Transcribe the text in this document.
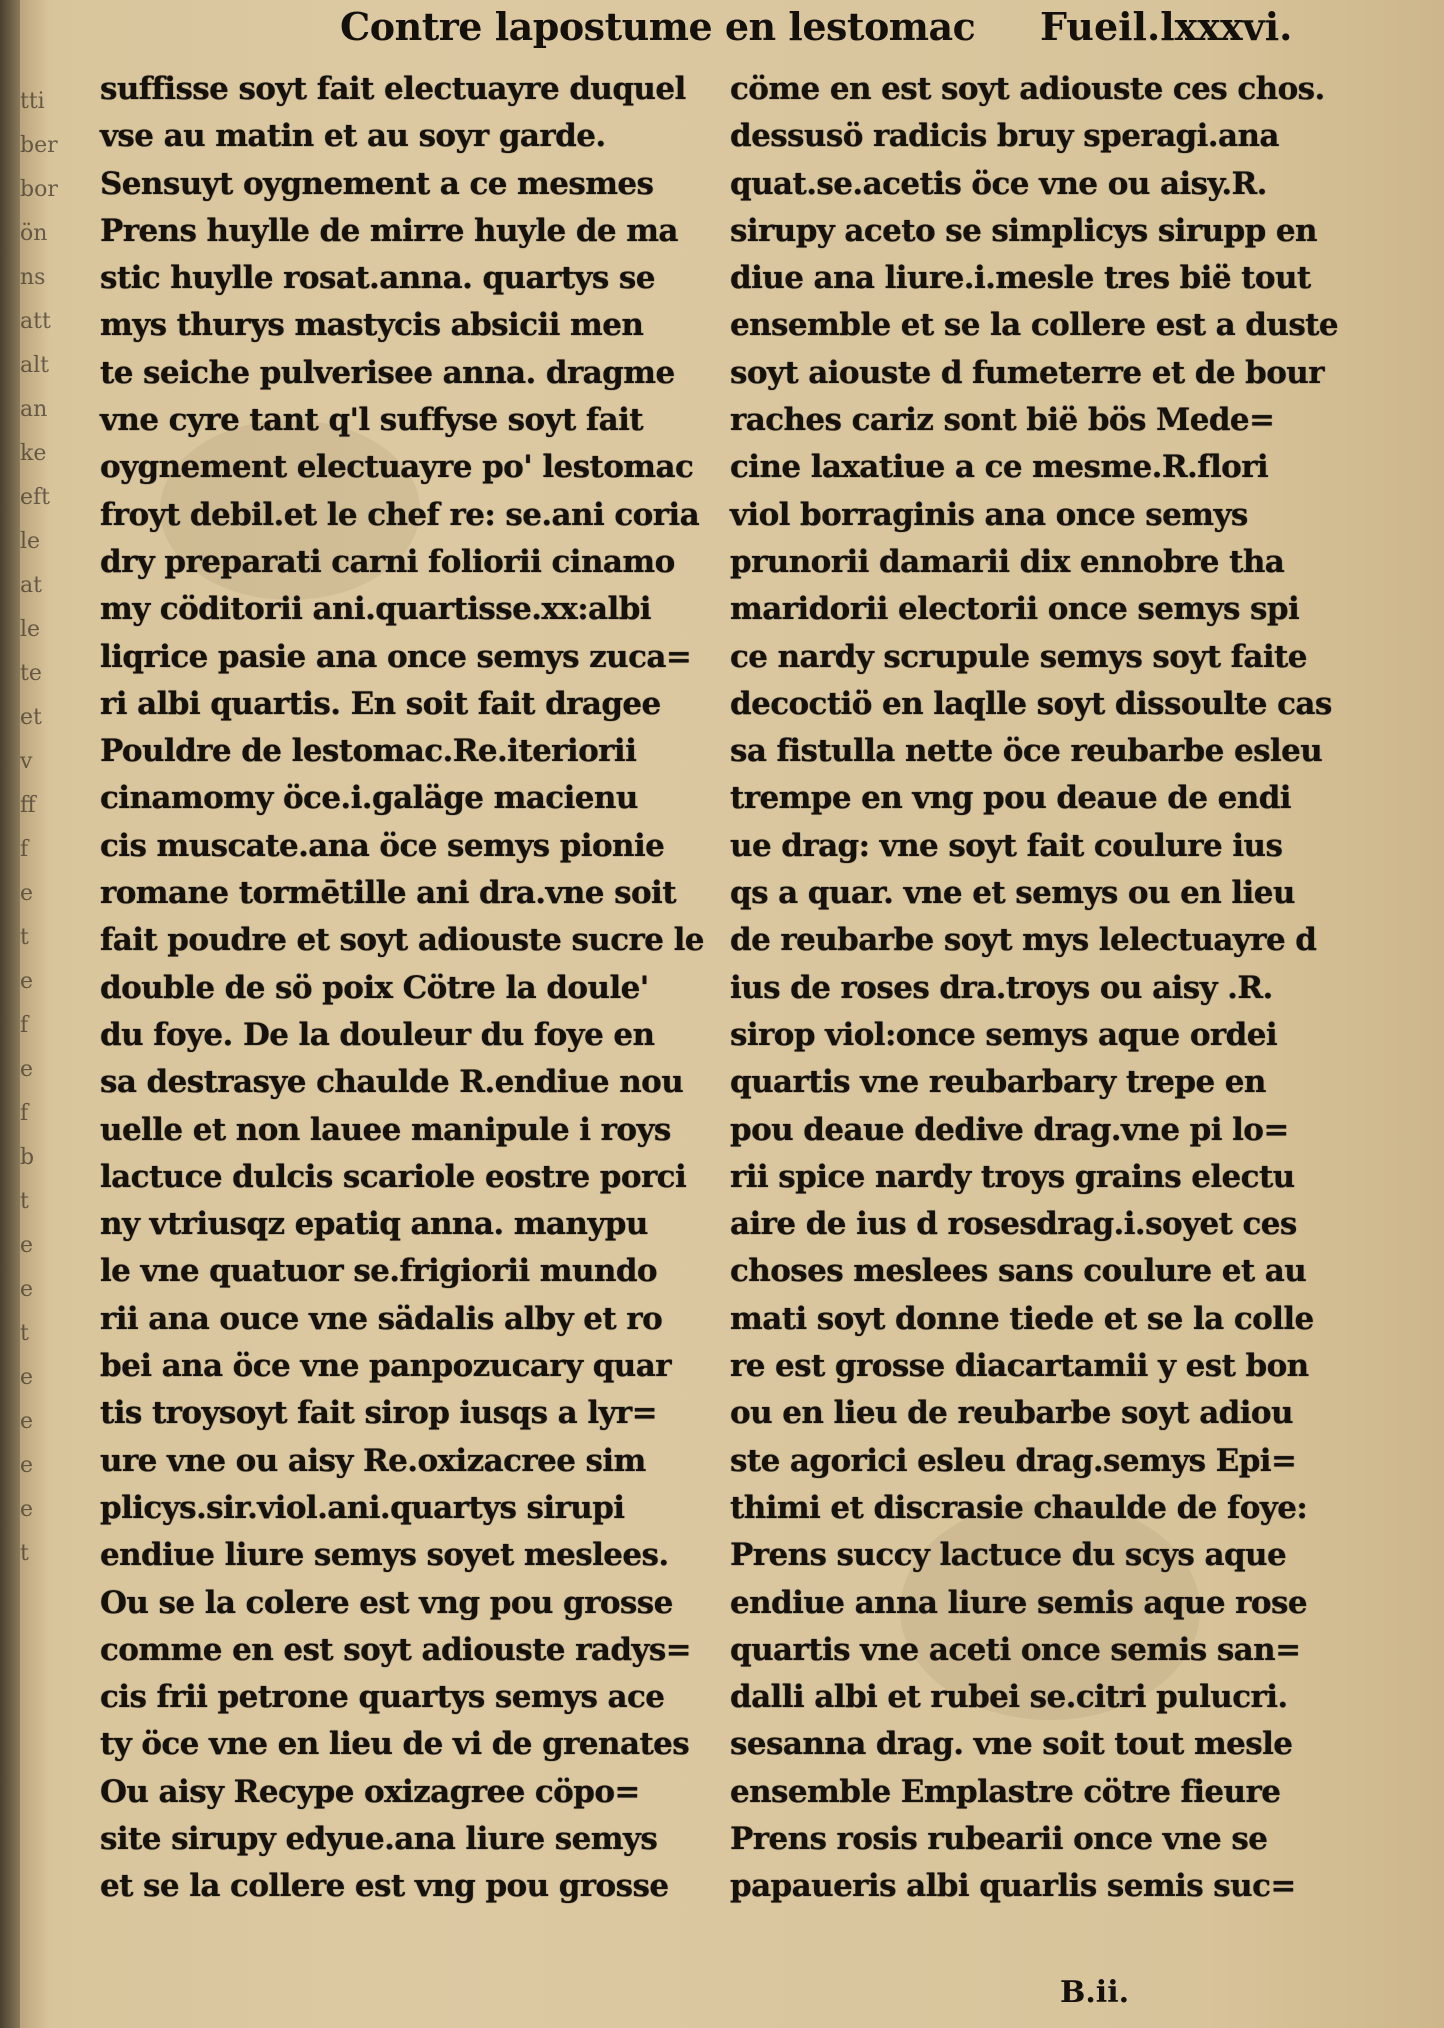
tti
ber
bor
ön
ns
att
alt
an
ke
eft
le
at
le
te
et
v
ff
f
e
t
e
f
e
f
b
t
e
e
t
e
e
e
e
t
Contre lapostume en lestomac Fueil.lxxxvi.
suffisse soyt fait electuayre duquel
vse au matin et au soyr garde.
Sensuyt oygnement a ce mesmes
Prens huylle de mirre huyle de ma
stic huylle rosat.anna. quartys se
mys thurys mastycis absicii men
te seiche pulverisee anna. dragme
vne cyre tant q'l suffyse soyt fait
oygnement electuayre po' lestomac
froyt debil.et le chef re: se.ani coria
dry preparati carni foliorii cinamo
my cöditorii ani.quartisse.xx:albi
liqrice pasie ana once semys zuca=
ri albi quartis. En soit fait dragee
Pouldre de lestomac.Re.iteriorii
cinamomy öce.i.galäge macienu
cis muscate.ana öce semys pionie
romane tormētille ani dra.vne soit
fait poudre et soyt adiouste sucre le
double de sö poix Cötre la doule'
du foye. De la douleur du foye en
sa destrasye chaulde R.endiue nou
uelle et non lauee manipule i roys
lactuce dulcis scariole eostre porci
ny vtriusqz epatiq anna. manypu
le vne quatuor se.frigiorii mundo
rii ana ouce vne sädalis alby et ro
bei ana öce vne panpozucary quar
tis troysoyt fait sirop iusqs a lyr=
ure vne ou aisy Re.oxizacree sim
plicys.sir.viol.ani.quartys sirupi
endiue liure semys soyet meslees.
Ou se la colere est vng pou grosse
comme en est soyt adiouste radys=
cis frii petrone quartys semys ace
ty öce vne en lieu de vi de grenates
Ou aisy Recype oxizagree cöpo=
site sirupy edyue.ana liure semys
et se la collere est vng pou grosse
cöme en est soyt adiouste ces chos.
dessusö radicis bruy speragi.ana
quat.se.acetis öce vne ou aisy.R.
sirupy aceto se simplicys sirupp en
diue ana liure.i.mesle tres bië tout
ensemble et se la collere est a duste
soyt aiouste d fumeterre et de bour
raches cariz sont bië bös Mede=
cine laxatiue a ce mesme.R.flori
viol borraginis ana once semys
prunorii damarii dix ennobre tha
maridorii electorii once semys spi
ce nardy scrupule semys soyt faite
decoctiö en laqlle soyt dissoulte cas
sa fistulla nette öce reubarbe esleu
trempe en vng pou deaue de endi
ue drag: vne soyt fait coulure ius
qs a quar. vne et semys ou en lieu
de reubarbe soyt mys lelectuayre d
ius de roses dra.troys ou aisy .R.
sirop viol:once semys aque ordei
quartis vne reubarbary trepe en
pou deaue dedive drag.vne pi lo=
rii spice nardy troys grains electu
aire de ius d rosesdrag.i.soyet ces
choses meslees sans coulure et au
mati soyt donne tiede et se la colle
re est grosse diacartamii y est bon
ou en lieu de reubarbe soyt adiou
ste agorici esleu drag.semys Epi=
thimi et discrasie chaulde de foye:
Prens succy lactuce du scys aque
endiue anna liure semis aque rose
quartis vne aceti once semis san=
dalli albi et rubei se.citri pulucri.
sesanna drag. vne soit tout mesle
ensemble Emplastre cötre fieure
Prens rosis rubearii once vne se
papaueris albi quarlis semis suc=
B.ii.
